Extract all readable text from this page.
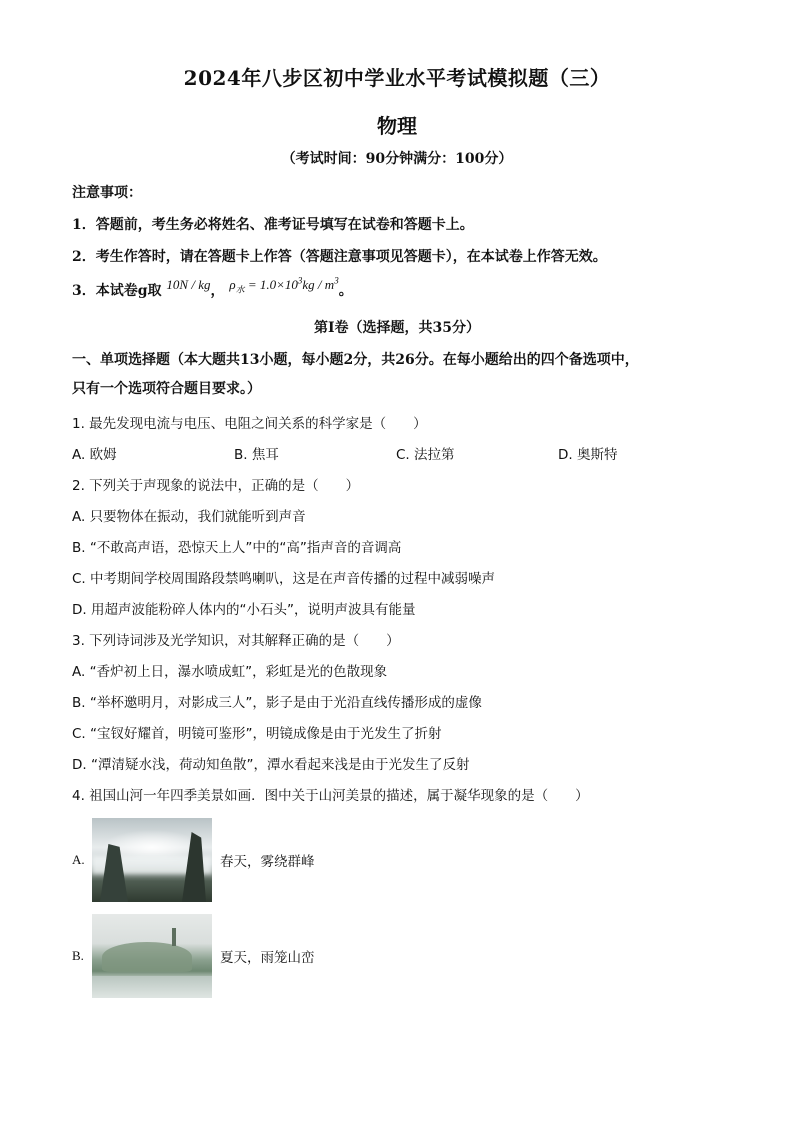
2024年八步区初中学业水平考试模拟题（三）
物理
（考试时间：90分钟满分：100分）
注意事项：
1．答题前，考生务必将姓名、准考证号填写在试卷和答题卡上。
2．考生作答时，请在答题卡上作答（答题注意事项见答题卡），在本试卷上作答无效。
3．本试卷g取 10N / kg， $\rho_水 = 1.0\times 10^3kg / m^3$。
第Ⅰ卷（选择题，共35分）
一、单项选择题（本大题共13小题，每小题2分，共26分。在每小题给出的四个备选项中，
只有一个选项符合题目要求。）
1. 最先发现电流与电压、电阻之间关系的科学家是（　　）
A. 欧姆	B. 焦耳	C. 法拉第	D. 奥斯特
2. 下列关于声现象的说法中，正确的是（　　）
A. 只要物体在振动，我们就能听到声音
B. “不敢高声语，恐惊天上人”中的“高”指声音的音调高
C. 中考期间学校周围路段禁鸣喇叭，这是在声音传播的过程中减弱噪声
D. 用超声波能粉碎人体内的“小石头”，说明声波具有能量
3. 下列诗词涉及光学知识，对其解释正确的是（　　）
A. “香炉初上日，瀑水喷成虹”，彩虹是光的色散现象
B. “举杯邀明月，对影成三人”，影子是由于光沿直线传播形成的虚像
C. “宝钗好耀首，明镜可鉴形”，明镜成像是由于光发生了折射
D. “潭清疑水浅，荷动知鱼散”，潭水看起来浅是由于光发生了反射
4. 祖国山河一年四季美景如画．图中关于山河美景的描述，属于凝华现象的是（　　）
A.	春天，雾绕群峰
B.	夏天，雨笼山峦
